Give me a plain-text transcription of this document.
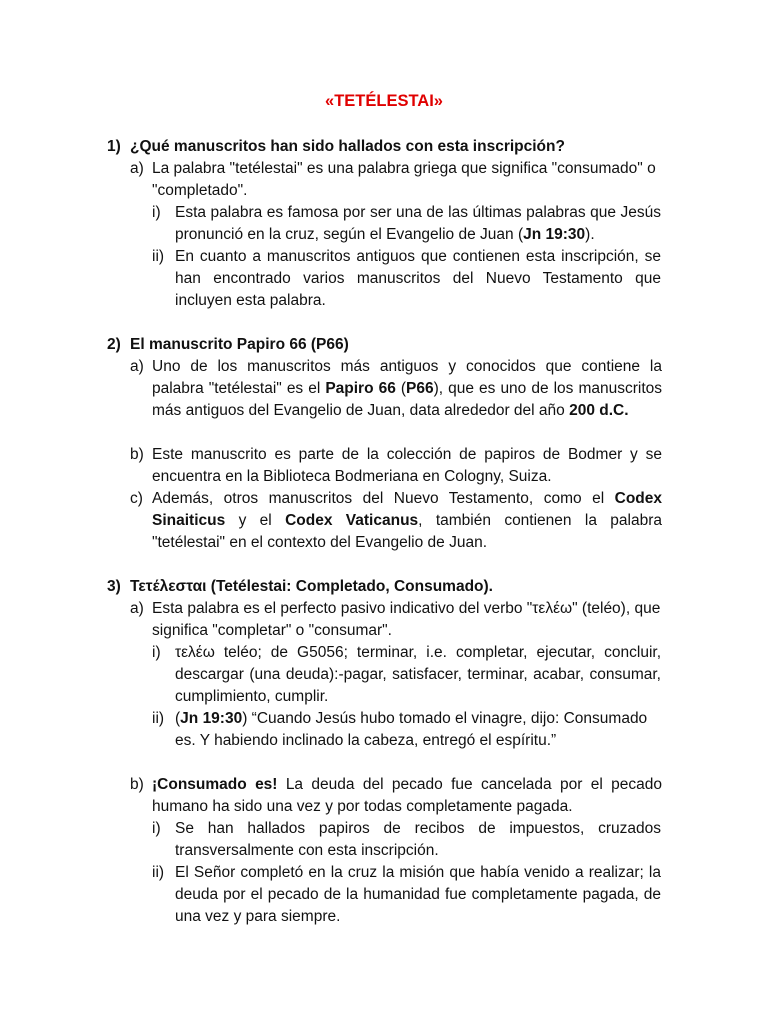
«TETÉLESTAI»
1) ¿Qué manuscritos han sido hallados con esta inscripción?
a) La palabra "tetélestai" es una palabra griega que significa "consumado" o "completado".
i) Esta palabra es famosa por ser una de las últimas palabras que Jesús pronunció en la cruz, según el Evangelio de Juan (Jn 19:30).
ii) En cuanto a manuscritos antiguos que contienen esta inscripción, se han encontrado varios manuscritos del Nuevo Testamento que incluyen esta palabra.
2) El manuscrito Papiro 66 (P66)
a) Uno de los manuscritos más antiguos y conocidos que contiene la palabra "tetélestai" es el Papiro 66 (P66), que es uno de los manuscritos más antiguos del Evangelio de Juan, data alrededor del año 200 d.C.
b) Este manuscrito es parte de la colección de papiros de Bodmer y se encuentra en la Biblioteca Bodmeriana en Cologny, Suiza.
c) Además, otros manuscritos del Nuevo Testamento, como el Codex Sinaiticus y el Codex Vaticanus, también contienen la palabra "tetélestai" en el contexto del Evangelio de Juan.
3) Τετέλεσται (Tetélestai: Completado, Consumado).
a) Esta palabra es el perfecto pasivo indicativo del verbo "τελέω" (teléo), que significa "completar" o "consumar".
i) τελέω teléo; de G5056; terminar, i.e. completar, ejecutar, concluir, descargar (una deuda):-pagar, satisfacer, terminar, acabar, consumar, cumplimiento, cumplir.
ii) (Jn 19:30) “Cuando Jesús hubo tomado el vinagre, dijo: Consumado es. Y habiendo inclinado la cabeza, entregó el espíritu.”
b) ¡Consumado es! La deuda del pecado fue cancelada por el pecado humano ha sido una vez y por todas completamente pagada.
i) Se han hallados papiros de recibos de impuestos, cruzados transversalmente con esta inscripción.
ii) El Señor completó en la cruz la misión que había venido a realizar; la deuda por el pecado de la humanidad fue completamente pagada, de una vez y para siempre.
